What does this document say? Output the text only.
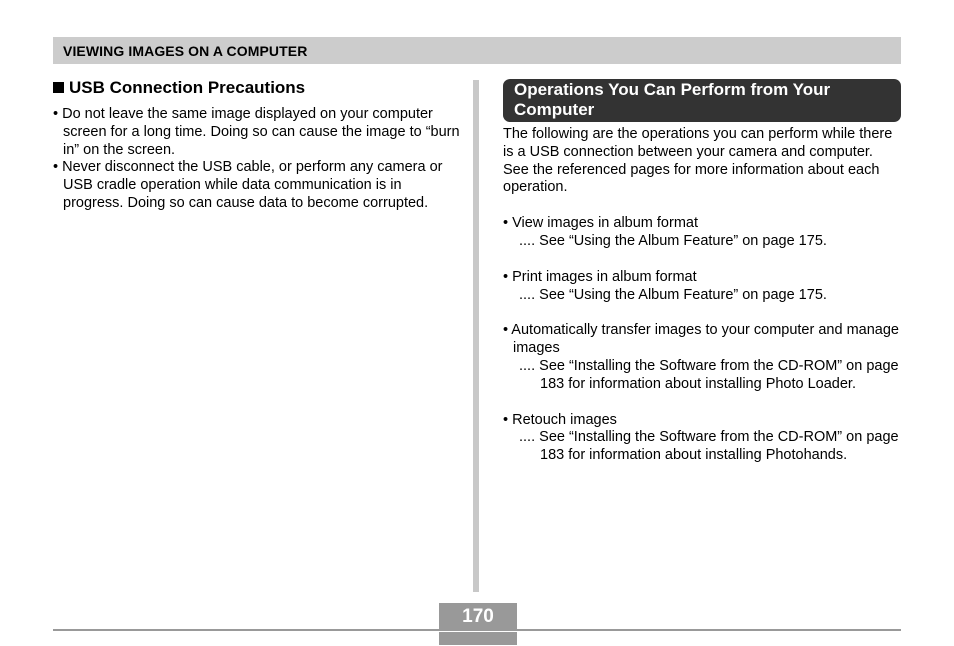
VIEWING IMAGES ON A COMPUTER
USB Connection Precautions
• Do not leave the same image displayed on your computer screen for a long time. Doing so can cause the image to “burn in” on the screen.
• Never disconnect the USB cable, or perform any camera or USB cradle operation while data communication is in progress. Doing so can cause data to become corrupted.
Operations You Can Perform from Your Computer
The following are the operations you can perform while there is a USB connection between your camera and computer. See the referenced pages for more information about each operation.
• View images in album format
.... See “Using the Album Feature” on page 175.
• Print images in album format
.... See “Using the Album Feature” on page 175.
• Automatically transfer images to your computer and manage images
.... See “Installing the Software from the CD-ROM” on page 183 for information about installing Photo Loader.
• Retouch images
.... See “Installing the Software from the CD-ROM” on page 183 for information about installing Photohands.
170
